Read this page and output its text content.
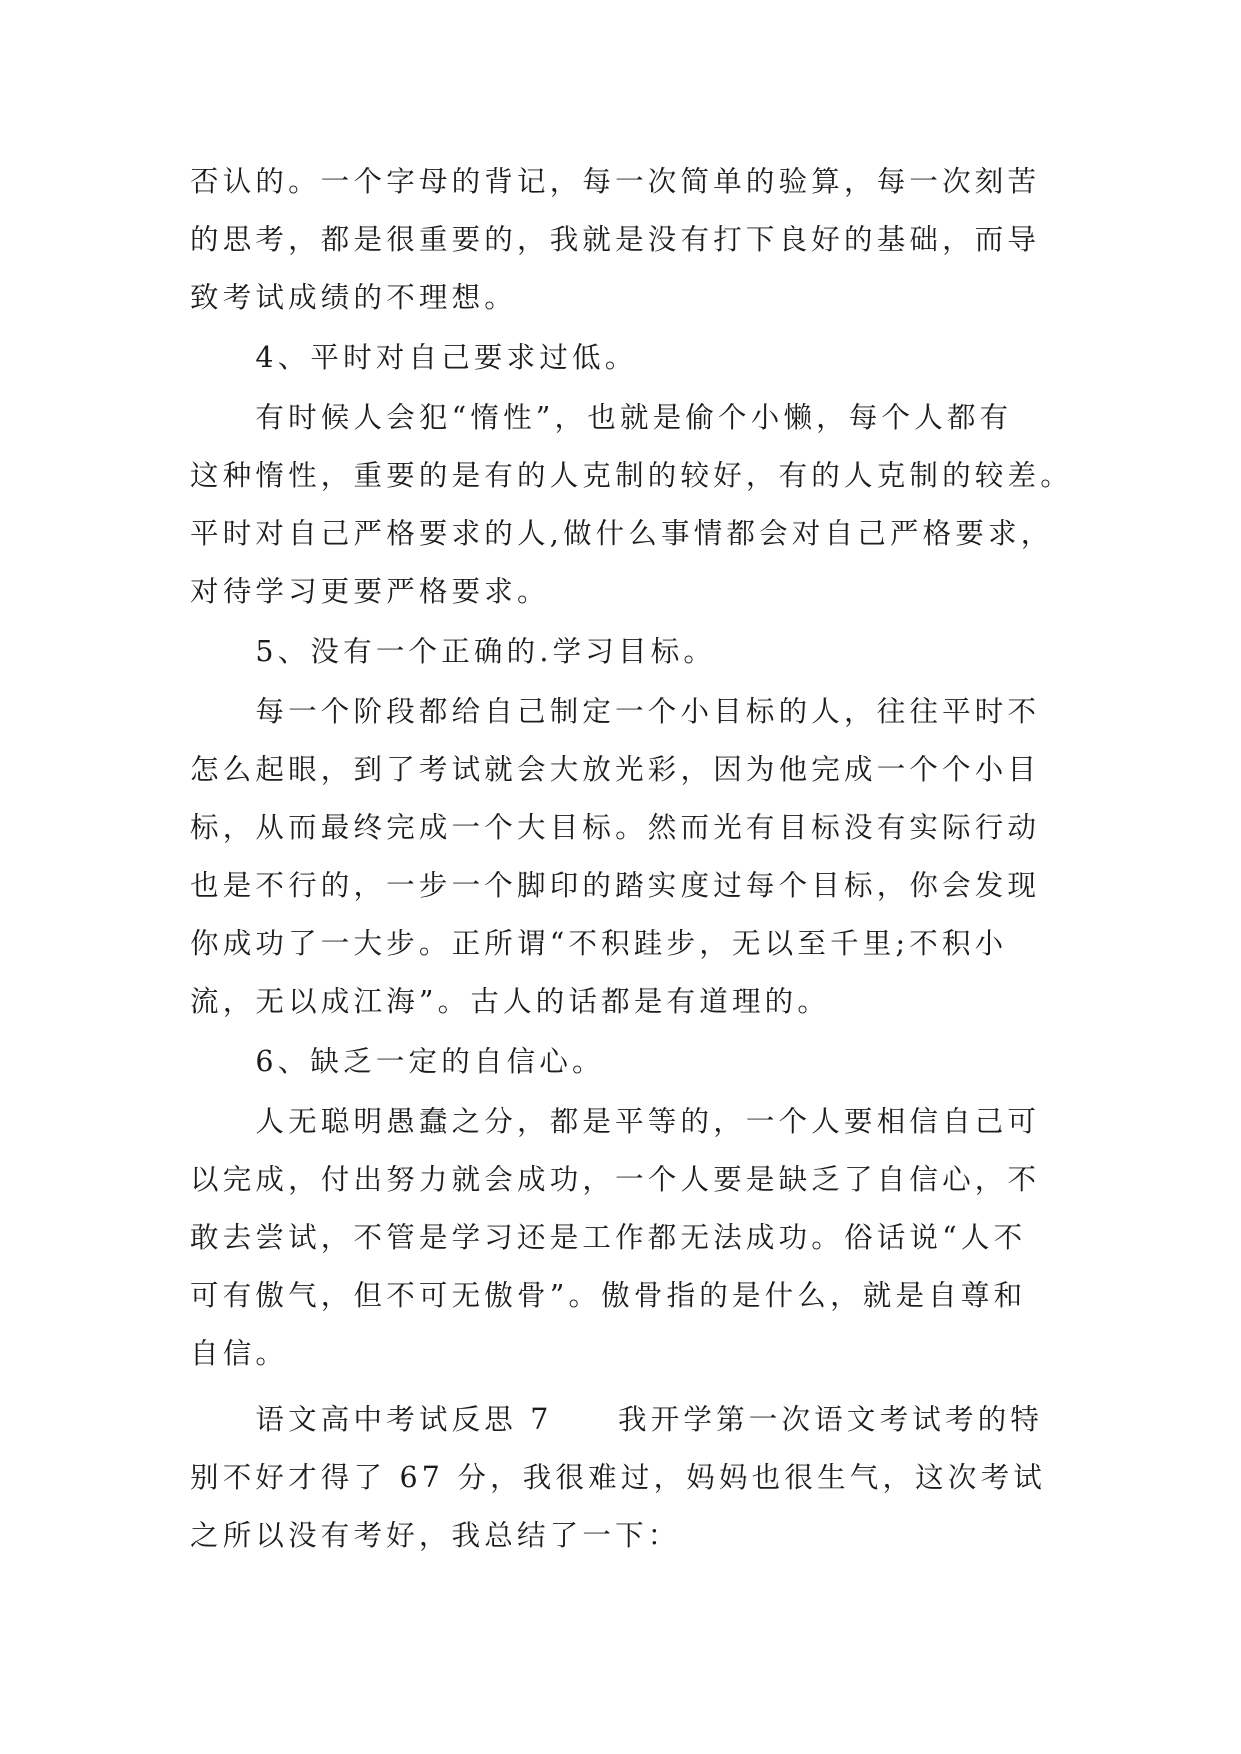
否认的。一个字母的背记，每一次简单的验算，每一次刻苦
的思考，都是很重要的，我就是没有打下良好的基础，而导
致考试成绩的不理想。
　　4、平时对自己要求过低。
　　有时候人会犯“惰性”，也就是偷个小懒，每个人都有
这种惰性，重要的是有的人克制的较好，有的人克制的较差。
平时对自己严格要求的人,做什么事情都会对自己严格要求，
对待学习更要严格要求。
　　5、没有一个正确的.学习目标。
　　每一个阶段都给自己制定一个小目标的人，往往平时不
怎么起眼，到了考试就会大放光彩，因为他完成一个个小目
标，从而最终完成一个大目标。然而光有目标没有实际行动
也是不行的，一步一个脚印的踏实度过每个目标，你会发现
你成功了一大步。正所谓“不积跬步，无以至千里;不积小
流，无以成江海”。古人的话都是有道理的。
　　6、缺乏一定的自信心。
　　人无聪明愚蠢之分，都是平等的，一个人要相信自己可
以完成，付出努力就会成功，一个人要是缺乏了自信心，不
敢去尝试，不管是学习还是工作都无法成功。俗话说“人不
可有傲气，但不可无傲骨”。傲骨指的是什么，就是自尊和
自信。
　　语文高中考试反思 7　　我开学第一次语文考试考的特
别不好才得了 67 分，我很难过，妈妈也很生气，这次考试
之所以没有考好，我总结了一下：
